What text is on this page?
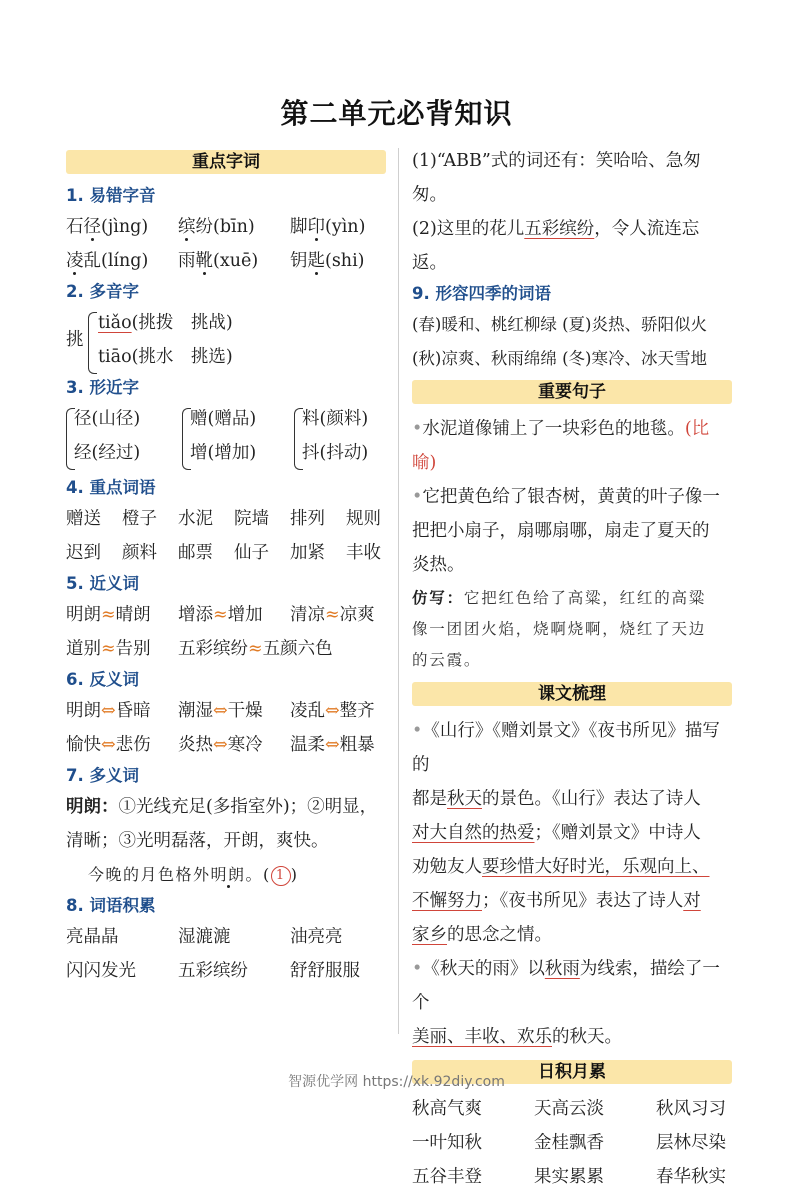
第二单元必背知识
重点字词
1. 易错字音
石径(jìng) 缤纷(bīn) 脚印(yìn)
凌乱(líng) 雨靴(xuē) 钥匙(shi)
2. 多音字
挑
tiǎo(挑拨　挑战)
tiāo(挑水　挑选)
3. 形近字
径(山径)
经(经过)
赠(赠品)
增(增加)
料(颜料)
抖(抖动)
4. 重点词语
赠送 橙子 水泥 院墙 排列 规则
迟到 颜料 邮票 仙子 加紧 丰收
5. 近义词
明朗≈晴朗 增添≈增加 清凉≈凉爽
道别≈告别 五彩缤纷≈五颜六色
6. 反义词
明朗⇔昏暗 潮湿⇔干燥 凌乱⇔整齐
愉快⇔悲伤 炎热⇔寒冷 温柔⇔粗暴
7. 多义词
明朗：①光线充足(多指室外)；②明显，
清晰；③光明磊落，开朗，爽快。
今晚的月色格外明朗。( 1 )
8. 词语积累
亮晶晶	湿漉漉	油亮亮
闪闪发光 五彩缤纷 舒舒服服
(1)“ABB”式的词还有：笑哈哈、急匆匆。
(2)这里的花儿五彩缤纷，令人流连忘返。
9. 形容四季的词语
(春)暖和、桃红柳绿 (夏)炎热、骄阳似火
(秋)凉爽、秋雨绵绵 (冬)寒冷、冰天雪地
重要句子
•水泥道像铺上了一块彩色的地毯。(比喻)
•它把黄色给了银杏树，黄黄的叶子像一
把把小扇子，扇哪扇哪，扇走了夏天的
炎热。
仿写：它把红色给了高粱，红红的高粱
像一团团火焰，烧啊烧啊，烧红了天边
的云霞。
课文梳理
•《山行》《赠刘景文》《夜书所见》描写的
都是秋天的景色。《山行》表达了诗人
对大自然的热爱；《赠刘景文》中诗人
劝勉友人要珍惜大好时光，乐观向上、
不懈努力；《夜书所见》表达了诗人对
家乡的思念之情。
•《秋天的雨》以秋雨为线索，描绘了一个
美丽、丰收、欢乐的秋天。
日积月累
秋高气爽	天高云淡	秋风习习
一叶知秋	金桂飘香	层林尽染
五谷丰登	果实累累	春华秋实
智源优学网 https://xk.92diy.com
